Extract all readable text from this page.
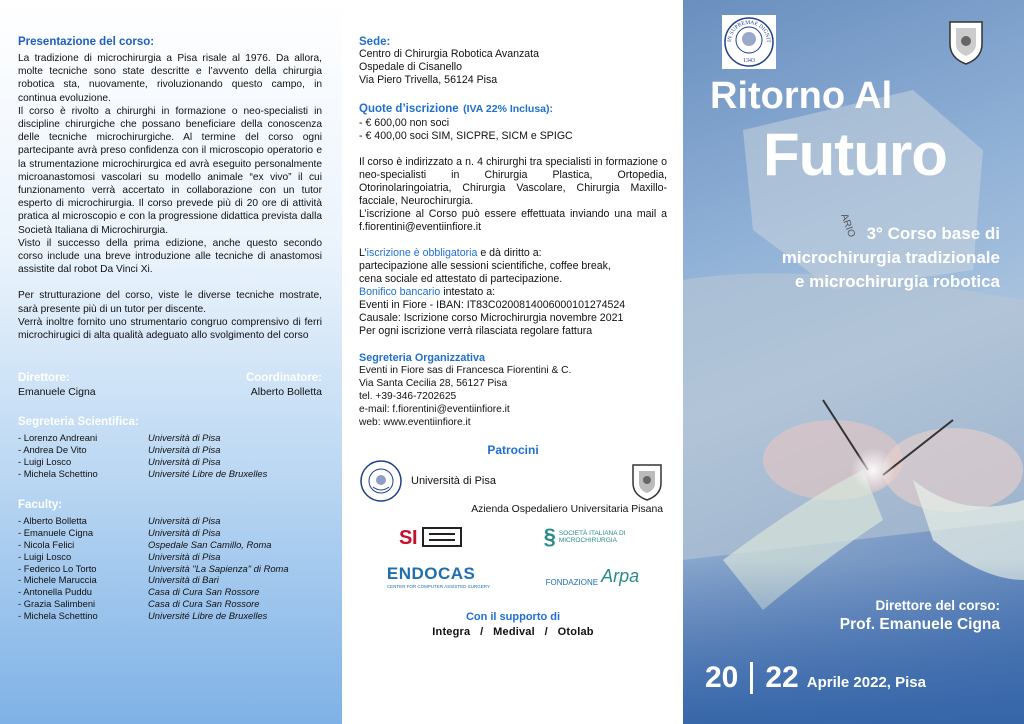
Presentazione del corso:

La tradizione di microchirurgia a Pisa risale al 1976. Da allora, molte tecniche sono state descritte e l’avvento della chirurgia robotica sta, nuovamente, rivoluzionando questo campo, in continua evoluzione.

Il corso è rivolto a chirurghi in formazione o neo-specialisti in discipline chirurgiche che possano beneficiare della conoscenza delle tecniche microchirurgiche. Al termine del corso ogni partecipante avrà preso confidenza con il microscopio operatorio e la strumentazione microchirurgica ed avrà eseguito personalmente microanastomosi vascolari su modello animale “ex vivo” il cui funzionamento verrà accertato in collaborazione con un tutor esperto di microchirurgia. Il corso prevede più di 20 ore di attività pratica al microscopio e con la progressione didattica prevista dalla Società Italiana di Microchirurgia.

Visto il successo della prima edizione, anche questo secondo corso include una breve introduzione alle tecniche di anastomosi assistite dal robot Da Vinci Xi.

Per strutturazione del corso, viste le diverse tecniche mostrate, sarà presente più di un tutor per discente.

Verrà inoltre fornito uno strumentario congruo comprensivo di ferri microchirugici di alta qualità adeguato allo svolgimento del corso

Direttore:	Coordinatore:
Emanuele Cigna	Alberto Bolletta
Segreteria Scientifica:
- Lorenzo Andreani	Università di Pisa
- Andrea De Vito	Università di Pisa
- Luigi Losco	Università di Pisa
- Michela Schettino	Université Libre de Bruxelles
Faculty:
- Alberto Bolletta	Università di Pisa
- Emanuele Cigna	Università di Pisa
- Nicola Felici	Ospedale San Camillo, Roma
- Luigi Losco	Università di Pisa
- Federico Lo Torto	Università "La Sapienza" di Roma
- Michele Maruccia	Università di Bari
- Antonella Puddu	Casa di Cura San Rossore
- Grazia Salimbeni	Casa di Cura San Rossore
- Michela Schettino	Université Libre de Bruxelles
Sede:
Centro di Chirurgia Robotica Avanzata
Ospedale di Cisanello
Via Piero Trivella, 56124 Pisa
Quote d’iscrizione (IVA 22% Inclusa):
- € 600,00 non soci
- € 400,00 soci SIM, SICPRE, SICM e SPIGC
Il corso è indirizzato a n. 4 chirurghi tra specialisti in formazione o neo-specialisti in Chirurgia Plastica, Ortopedia, Otorinolaringoiatria, Chirurgia Vascolare, Chirurgia Maxillo-facciale, Neurochirurgia.
L’iscrizione al Corso può essere effettuata inviando una mail a f.fiorentini@eventiinfiore.it
L’iscrizione è obbligatoria e dà diritto a:
partecipazione alle sessioni scientifiche, coffee break,
cena sociale ed attestato di partecipazione.
Bonifico bancario intestato a:
Eventi in Fiore - IBAN: IT83C0200814006000101274524
Causale: Iscrizione corso Microchirurgia novembre 2021
Per ogni iscrizione verrà rilasciata regolare fattura
Segreteria Organizzativa
Eventi in Fiore sas di Francesca Fiorentini & C.
Via Santa Cecilia 28, 56127 Pisa
tel. +39-346-7202625
e-mail: f.fiorentini@eventiinfiore.it
web: www.eventiinfiore.it
Patrocini
Università di Pisa
Azienda Ospedaliero Universitaria Pisana
S I	§ SOCIETÀ ITALIANA DI MICROCHIRURGIA
ENDOCAS
CENTER FOR COMPUTER ASSISTED SURGERY	FONDAZIONE Arpa
Con il supporto di
Integra   /   Medival   /   Otolab
ARIO
IN SUPREMAE DIGNIT
1343
Ritorno Al
Futuro
3° Corso base di
microchirurgia tradizionale
e microchirurgia robotica
Direttore del corso:
Prof. Emanuele Cigna
20 22 Aprile 2022, Pisa
